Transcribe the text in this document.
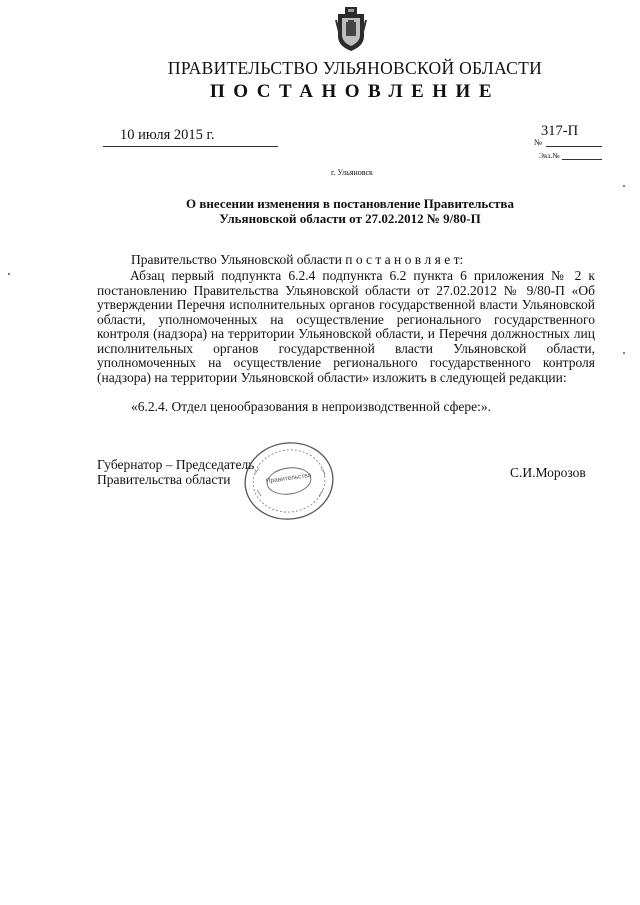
ПРАВИТЕЛЬСТВО УЛЬЯНОВСКОЙ ОБЛАСТИ
ПОСТАНОВЛЕНИЕ
10 июля 2015 г.	317-П
№
Экз.№
г. Ульяновск
О внесении изменения в постановление Правительства Ульяновской области от 27.02.2012 № 9/80-П
Правительство Ульяновской области п о с т а н о в л я е т:

Абзац первый подпункта 6.2.4 подпункта 6.2 пункта 6 приложения № 2 к постановлению Правительства Ульяновской области от 27.02.2012 № 9/80-П «Об утверждении Перечня исполнительных органов государственной власти Ульяновской области, уполномоченных на осуществление регионального государственного контроля (надзора) на территории Ульяновской области, и Перечня должностных лиц исполнительных органов государственной власти Ульяновской области, уполномоченных на осуществление регионального государственного контроля (надзора) на территории Ульяновской области» изложить в следующей редакции:

«6.2.4. Отдел ценообразования в непроизводственной сфере:».
Губернатор – Председатель
Правительства области	С.И.Морозов
Правительство
